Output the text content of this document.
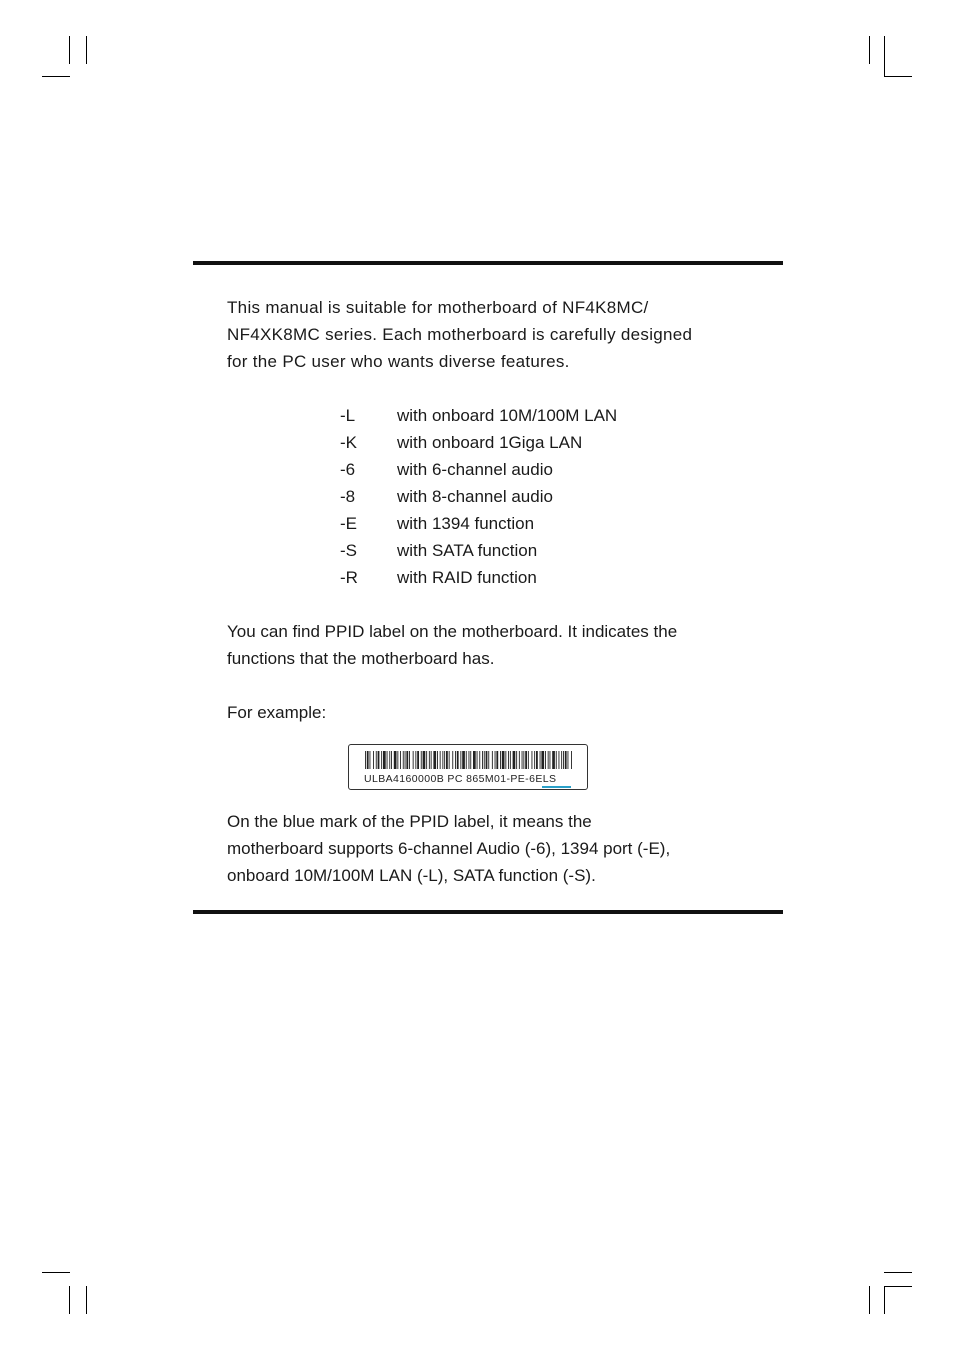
This manual is suitable for motherboard of NF4K8MC/
NF4XK8MC series. Each motherboard is carefully designed
for the PC user who wants diverse features.
-L with onboard 10M/100M LAN
-K with onboard 1Giga LAN
-6 with 6-channel audio
-8 with 8-channel audio
-E with 1394 function
-S with SATA function
-R with RAID function
You can find PPID label on the motherboard. It indicates the
functions that the motherboard has.
For example:
ULBA4160000B PC 865M01-PE-6ELS
On the blue mark of the PPID label, it means the
motherboard supports 6-channel Audio (-6), 1394 port (-E),
onboard 10M/100M LAN (-L), SATA function (-S).
